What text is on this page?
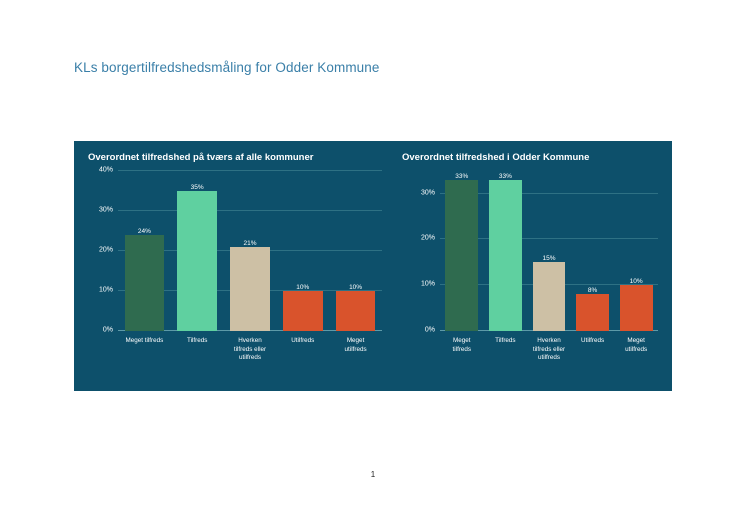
KLs borgertilfredshedsmåling for Odder Kommune
Overordnet tilfredshed på tværs af alle kommuner
0%
10%
20%
30%
40%
24%
35%
21%
10%	10%
Meget tilfreds	Tilfreds	Hverken tilfreds eller utilfreds
Utilfreds	Meget utilfreds
Overordnet tilfredshed i Odder Kommune
0%
10%
20%
30%
33%	33%
15%
8%
10%
Meget tilfreds
Tilfreds	Hverken tilfreds eller utilfreds
Utilfreds	Meget utilfreds
1
